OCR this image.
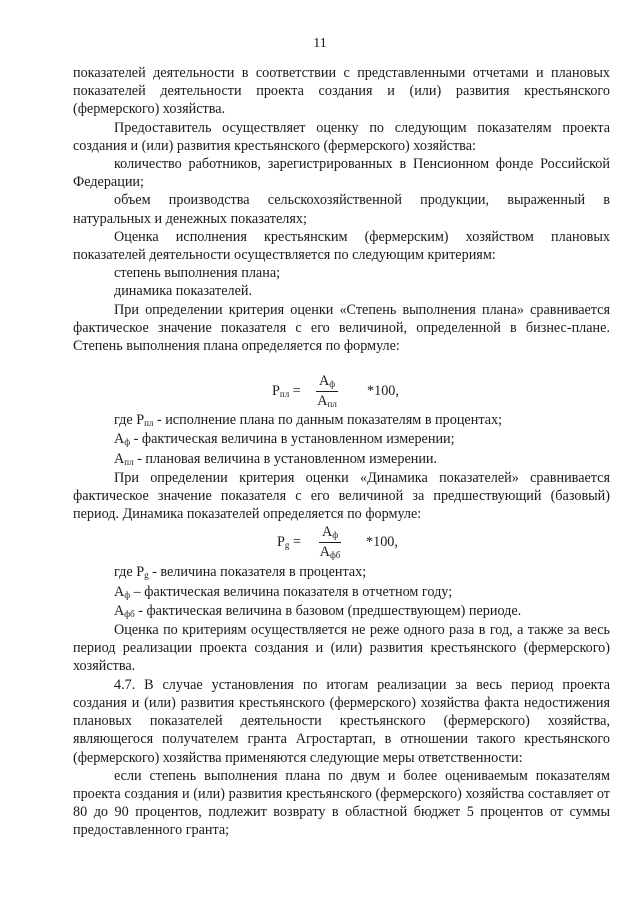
11

показателей деятельности в соответствии с представленными отчетами и плановых показателей деятельности проекта создания и (или) развития крестьянского (фермерского) хозяйства.

Предоставитель осуществляет оценку по следующим показателям проекта создания и (или) развития крестьянского (фермерского) хозяйства:

количество работников, зарегистрированных в Пенсионном фонде Российской Федерации;

объем производства сельскохозяйственной продукции, выраженный в натуральных и денежных показателях;

Оценка исполнения крестьянским (фермерским) хозяйством плановых показателей деятельности осуществляется по следующим критериям:

степень выполнения плана;

динамика показателей.

При определении критерия оценки «Степень выполнения плана» сравнивается фактическое значение показателя с его величиной, определенной в бизнес-плане. Степень выполнения плана определяется по формуле:

Рпл =
Аф
Апл
*100,

где Рпл - исполнение плана по данным показателям в процентах;

Аф - фактическая величина в установленном измерении;

Апл - плановая величина в установленном измерении.

При определении критерия оценки «Динамика показателей» сравнивается фактическое значение показателя с его величиной за предшествующий (базовый) период. Динамика показателей определяется по формуле:

Рg =
Аф
Афб
*100,

где Рg - величина показателя в процентах;

Аф – фактическая величина показателя в отчетном году;

Афб - фактическая величина в базовом (предшествующем) периоде.

Оценка по критериям осуществляется не реже одного раза в год, а также за весь период реализации проекта создания и (или) развития крестьянского (фермерского) хозяйства.

4.7. В случае установления по итогам реализации за весь период проекта создания и (или) развития крестьянского (фермерского) хозяйства факта недостижения плановых показателей деятельности крестьянского (фермерского) хозяйства, являющегося получателем гранта Агростартап, в отношении такого крестьянского (фермерского) хозяйства применяются следующие меры ответственности:

если степень выполнения плана по двум и более оцениваемым показателям проекта создания и (или) развития крестьянского (фермерского) хозяйства составляет от 80 до 90 процентов, подлежит возврату в областной бюджет 5 процентов от суммы предоставленного гранта;
